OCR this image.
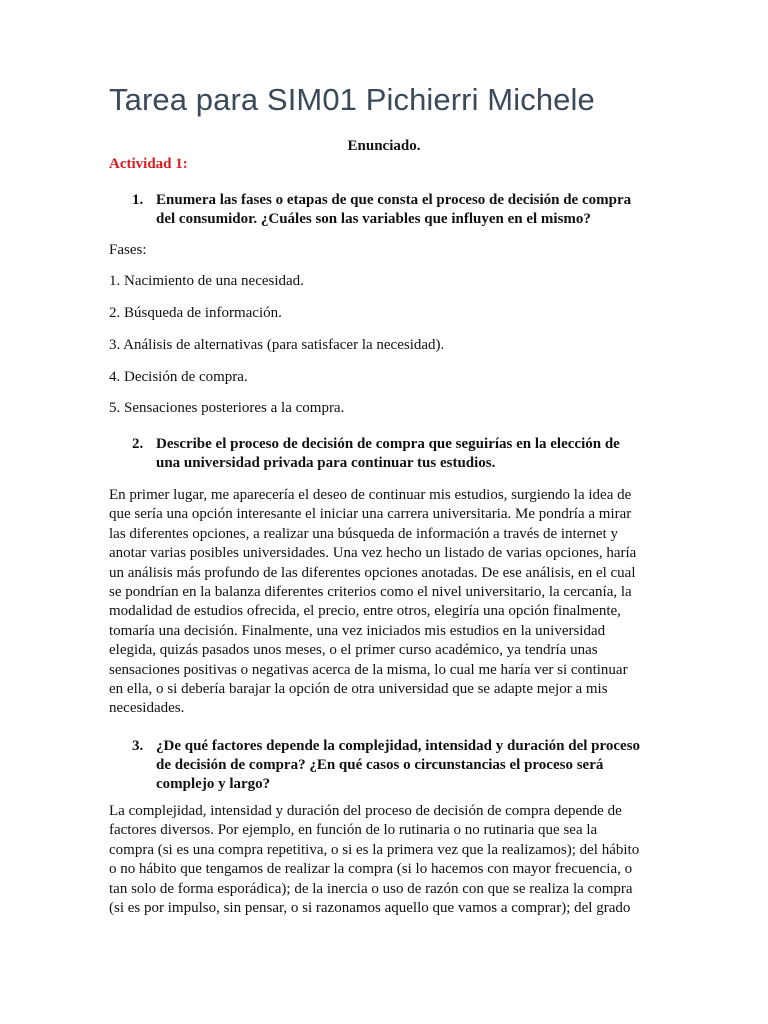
Tarea para SIM01 Pichierri Michele

Enunciado.

Actividad 1:

1. Enumera las fases o etapas de que consta el proceso de decisión de compra
del consumidor. ¿Cuáles son las variables que influyen en el mismo?

Fases:

1. Nacimiento de una necesidad.

2. Búsqueda de información.

3. Análisis de alternativas (para satisfacer la necesidad).

4. Decisión de compra.

5. Sensaciones posteriores a la compra.

2. Describe el proceso de decisión de compra que seguirías en la elección de
una universidad privada para continuar tus estudios.
En primer lugar, me aparecería el deseo de continuar mis estudios, surgiendo la idea de
que sería una opción interesante el iniciar una carrera universitaria. Me pondría a mirar
las diferentes opciones, a realizar una búsqueda de información a través de internet y
anotar varias posibles universidades. Una vez hecho un listado de varias opciones, haría
un análisis más profundo de las diferentes opciones anotadas. De ese análisis, en el cual
se pondrían en la balanza diferentes criterios como el nivel universitario, la cercanía, la
modalidad de estudios ofrecida, el precio, entre otros, elegiría una opción finalmente,
tomaría una decisión. Finalmente, una vez iniciados mis estudios en la universidad
elegida, quizás pasados unos meses, o el primer curso académico, ya tendría unas
sensaciones positivas o negativas acerca de la misma, lo cual me haría ver si continuar
en ella, o si debería barajar la opción de otra universidad que se adapte mejor a mis
necesidades.
3. ¿De qué factores depende la complejidad, intensidad y duración del proceso
de decisión de compra? ¿En qué casos o circunstancias el proceso será
complejo y largo?
La complejidad, intensidad y duración del proceso de decisión de compra depende de
factores diversos. Por ejemplo, en función de lo rutinaria o no rutinaria que sea la
compra (si es una compra repetitiva, o si es la primera vez que la realizamos); del hábito
o no hábito que tengamos de realizar la compra (si lo hacemos con mayor frecuencia, o
tan solo de forma esporádica); de la inercia o uso de razón con que se realiza la compra
(si es por impulso, sin pensar, o si razonamos aquello que vamos a comprar); del grado
